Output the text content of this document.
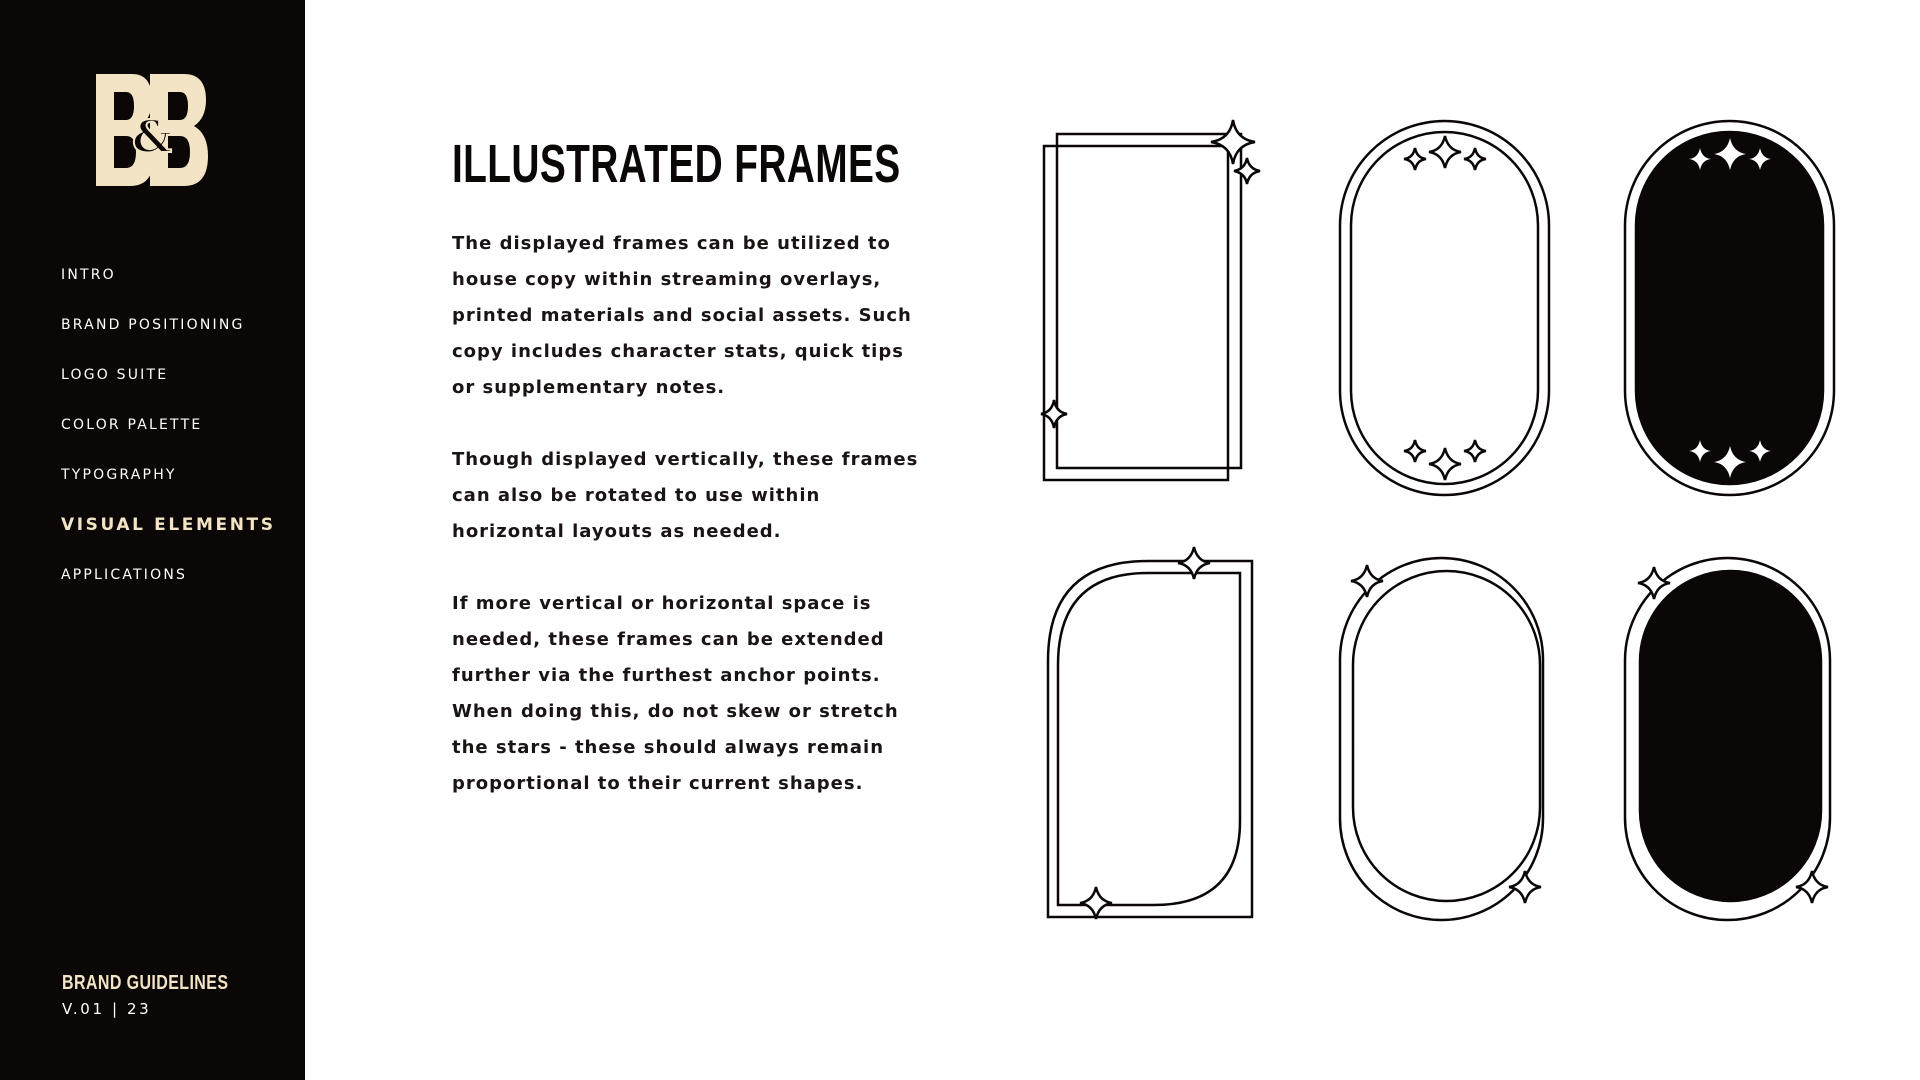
&
INTRO
BRAND POSITIONING
LOGO SUITE
COLOR PALETTE
TYPOGRAPHY
VISUAL ELEMENTS
APPLICATIONS
BRAND GUIDELINES
V.01 | 23
ILLUSTRATED FRAMES

The displayed frames can be utilized to house copy within streaming overlays, printed materials and social assets. Such copy includes character stats, quick tips or supplementary notes.

Though displayed vertically, these frames can also be rotated to use within horizontal layouts as needed.

If more vertical or horizontal space is needed, these frames can be extended further via the furthest anchor points. When doing this, do not skew or stretch the stars - these should always remain proportional to their current shapes.
